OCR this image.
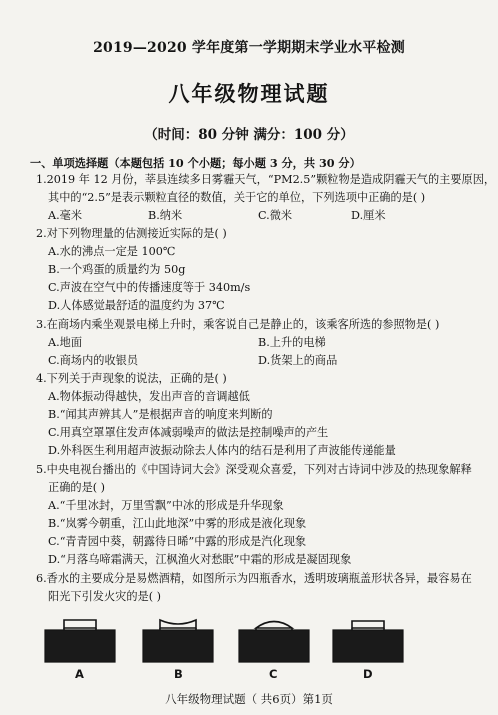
2019—2020 学年度第一学期期末学业水平检测
八年级物理试题
（时间：80 分钟 满分：100 分）
一、单项选择题（本题包括 10 个小题；每小题 3 分，共 30 分）
1.2019 年 12 月份，莘县连续多日雾霾天气，“PM2.5”颗粒物是造成阴霾天气的主要原因，
其中的“2.5”是表示颗粒直径的数值，关于它的单位，下列选项中正确的是( )
A.毫米	B.纳米	C.微米	D.厘米
2.对下列物理量的估测接近实际的是( )
A.水的沸点一定是 100℃
B.一个鸡蛋的质量约为 50g
C.声波在空气中的传播速度等于 340m/s
D.人体感觉最舒适的温度约为 37℃
3.在商场内乘坐观景电梯上升时，乘客说自己是静止的，该乘客所选的参照物是( )
A.地面	B.上升的电梯
C.商场内的收银员	D.货架上的商品
4.下列关于声现象的说法，正确的是( )
A.物体振动得越快，发出声音的音调越低
B.“闻其声辨其人”是根据声音的响度来判断的
C.用真空罩罩住发声体减弱噪声的做法是控制噪声的产生
D.外科医生利用超声波振动除去人体内的结石是利用了声波能传递能量
5.中央电视台播出的《中国诗词大会》深受观众喜爱，下列对古诗词中涉及的热现象解释
正确的是( )
A.“千里冰封，万里雪飘”中冰的形成是升华现象
B.“岚雾今朝重，江山此地深”中雾的形成是液化现象
C.“青青园中葵，朝露待日晞”中露的形成是汽化现象
D.“月落乌啼霜满天，江枫渔火对愁眠”中霜的形成是凝固现象
6.香水的主要成分是易燃酒精，如图所示为四瓶香水，透明玻璃瓶盖形状各异，最容易在
阳光下引发火灾的是( )
A	B	C	D
八年级物理试题（ 共6页）第1页
